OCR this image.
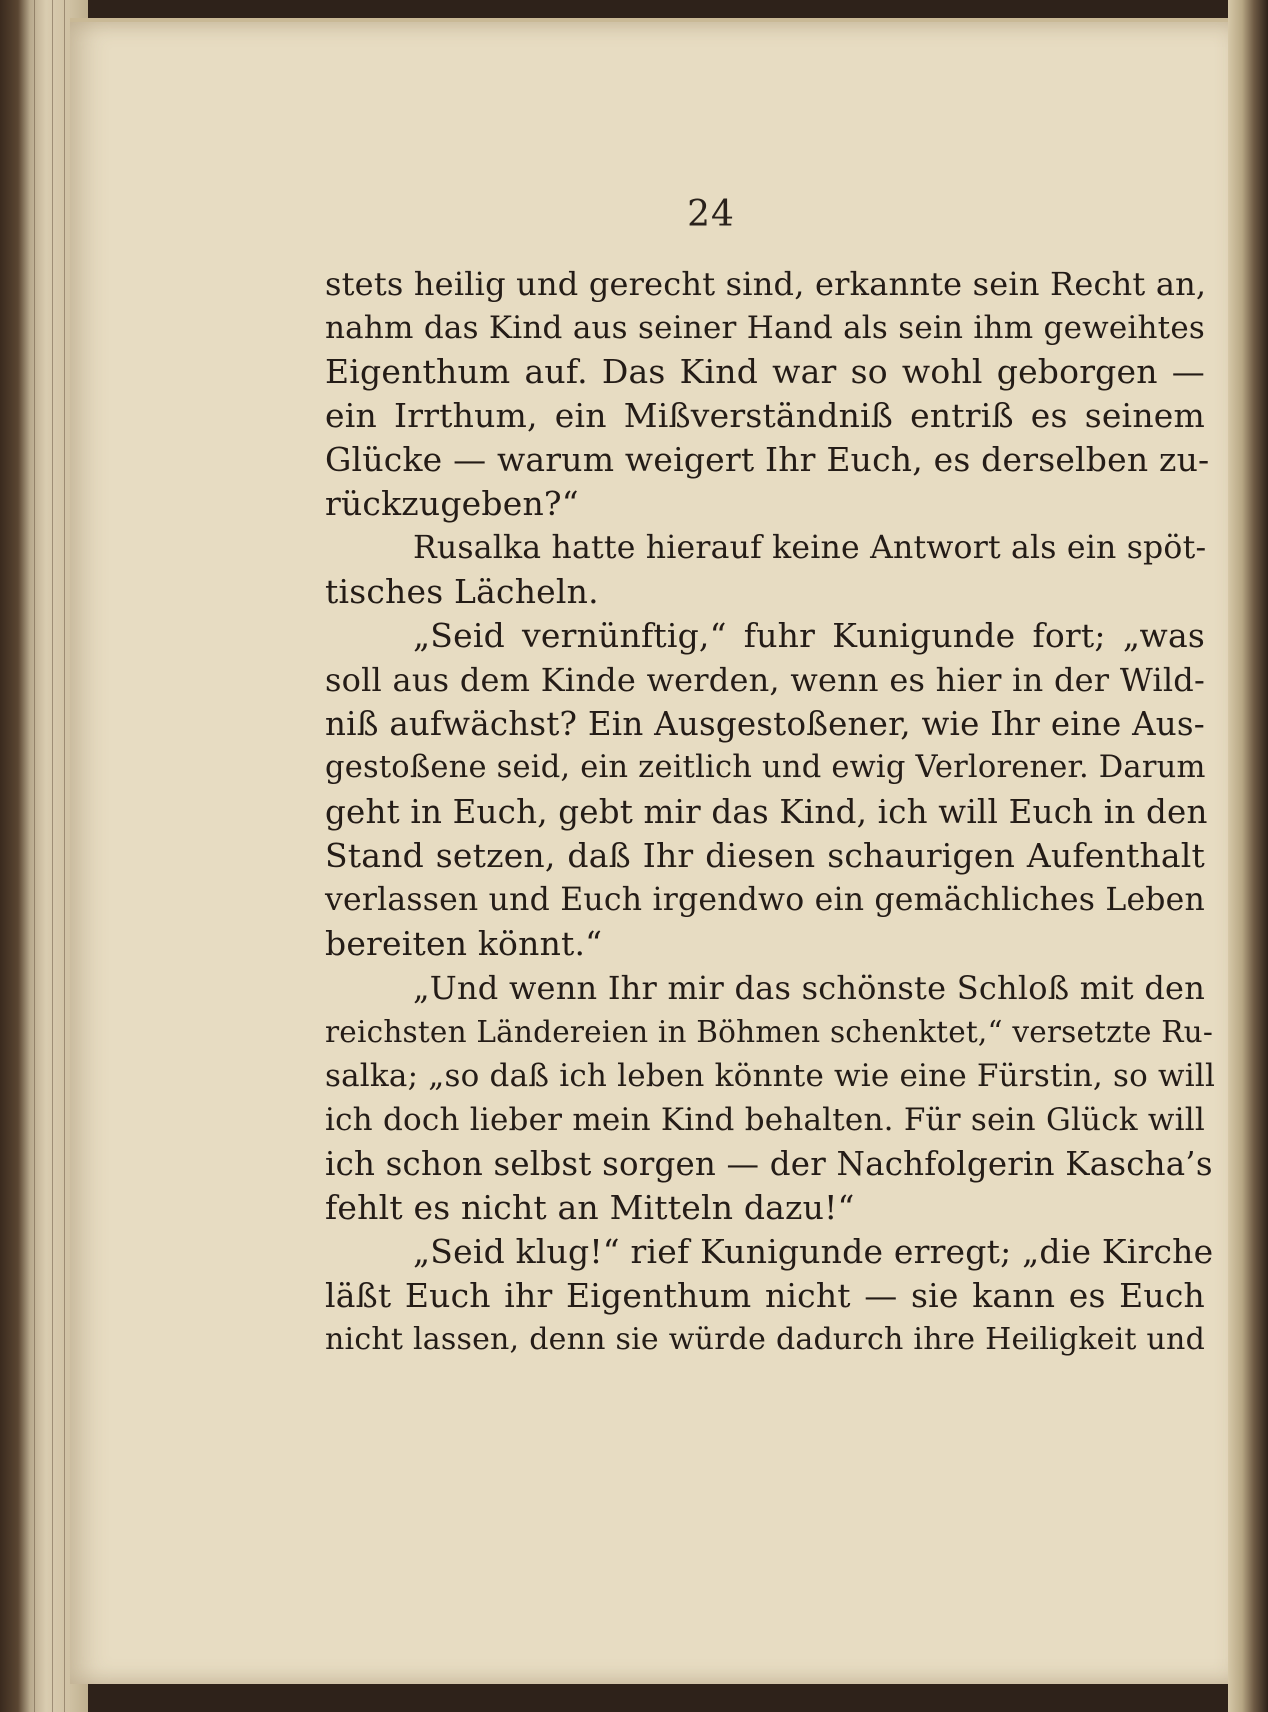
24
stets heilig und gerecht sind, erkannte sein Recht an,
nahm das Kind aus seiner Hand als sein ihm geweihtes
Eigenthum auf. Das Kind war so wohl geborgen —
ein Irrthum, ein Mißverständniß entriß es seinem
Glücke — warum weigert Ihr Euch, es derselben zu-
rückzugeben?“
Rusalka hatte hierauf keine Antwort als ein spöt-
tisches Lächeln.
„Seid vernünftig,“ fuhr Kunigunde fort; „was
soll aus dem Kinde werden, wenn es hier in der Wild-
niß aufwächst? Ein Ausgestoßener, wie Ihr eine Aus-
gestoßene seid, ein zeitlich und ewig Verlorener. Darum
geht in Euch, gebt mir das Kind, ich will Euch in den
Stand setzen, daß Ihr diesen schaurigen Aufenthalt
verlassen und Euch irgendwo ein gemächliches Leben
bereiten könnt.“
„Und wenn Ihr mir das schönste Schloß mit den
reichsten Ländereien in Böhmen schenktet,“ versetzte Ru-
salka; „so daß ich leben könnte wie eine Fürstin, so will
ich doch lieber mein Kind behalten. Für sein Glück will
ich schon selbst sorgen — der Nachfolgerin Kascha’s
fehlt es nicht an Mitteln dazu!“
„Seid klug!“ rief Kunigunde erregt; „die Kirche
läßt Euch ihr Eigenthum nicht — sie kann es Euch
nicht lassen, denn sie würde dadurch ihre Heiligkeit und
